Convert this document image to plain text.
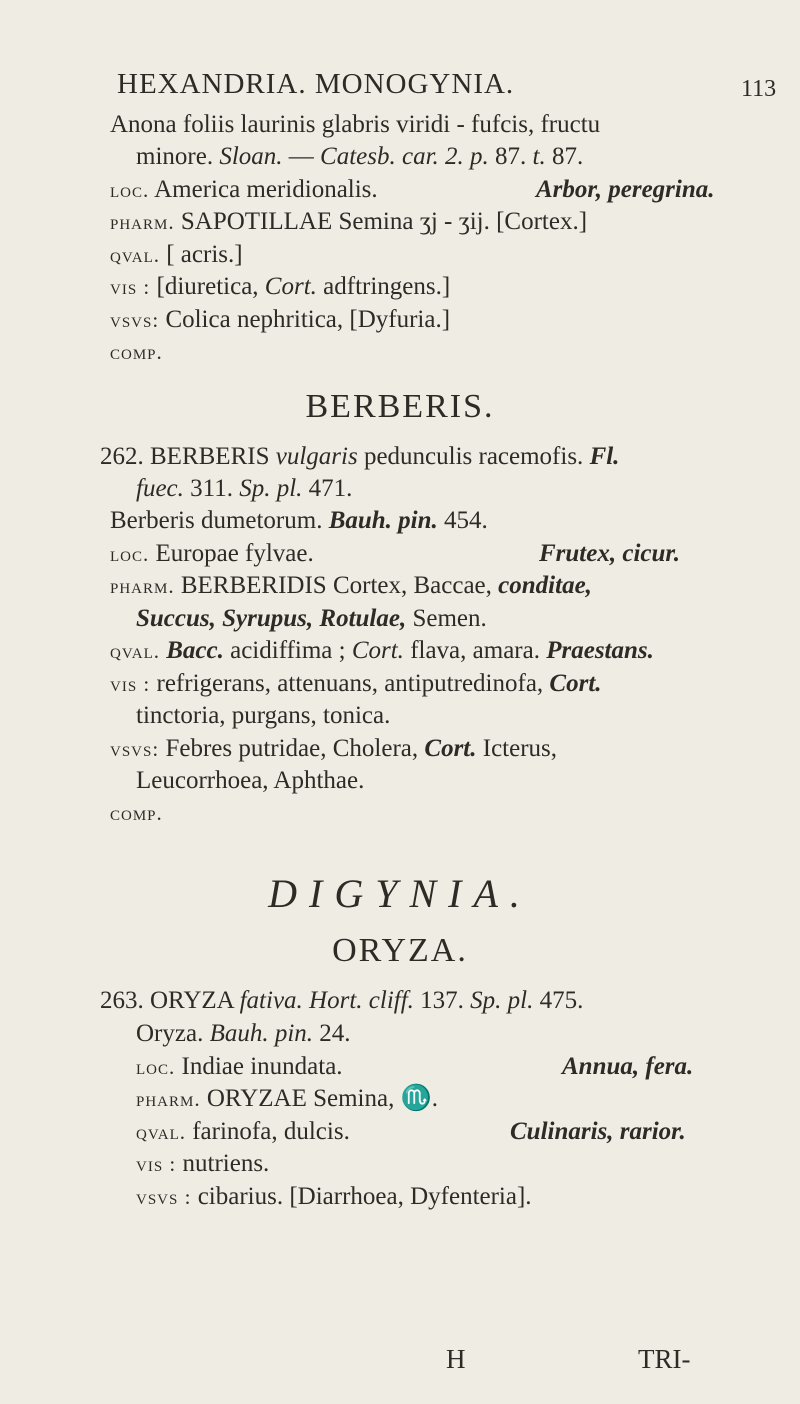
HEXANDRIA. MONOGYNIA.	113
Anona foliis laurinis glabris viridi - fufcis, fructu
minore. Sloan. — Catesb. car. 2. p. 87. t. 87.
loc. America meridionalis.	Arbor, peregrina.
pharm. SAPOTILLAE Semina ʒj - ʒij. [Cortex.]
qval. [ acris.]
vis : [diuretica, Cort. adftringens.]
vsvs: Colica nephritica, [Dyfuria.]
comp.
BERBERIS.
262. BERBERIS vulgaris pedunculis racemofis. Fl.
fuec. 311. Sp. pl. 471.
Berberis dumetorum. Bauh. pin. 454.
loc. Europae fylvae.	Frutex, cicur.
pharm. BERBERIDIS Cortex, Baccae, conditae,
Succus, Syrupus, Rotulae, Semen.
qval. Bacc. acidiffima ; Cort. flava, amara. Praestans.
vis : refrigerans, attenuans, antiputredinofa, Cort.
tinctoria, purgans, tonica.
vsvs: Febres putridae, Cholera, Cort. Icterus,
Leucorrhoea, Aphthae.
comp.
DIGYNIA.
ORYZA.
263. ORYZA fativa. Hort. cliff. 137. Sp. pl. 475.
Oryza. Bauh. pin. 24.
loc. Indiae inundata.	Annua, fera.
pharm. ORYZAE Semina, ♏.
qval. farinofa, dulcis.	Culinaris, rarior.
vis : nutriens.
vsvs : cibarius. [Diarrhoea, Dyfenteria].
H	TRI-
